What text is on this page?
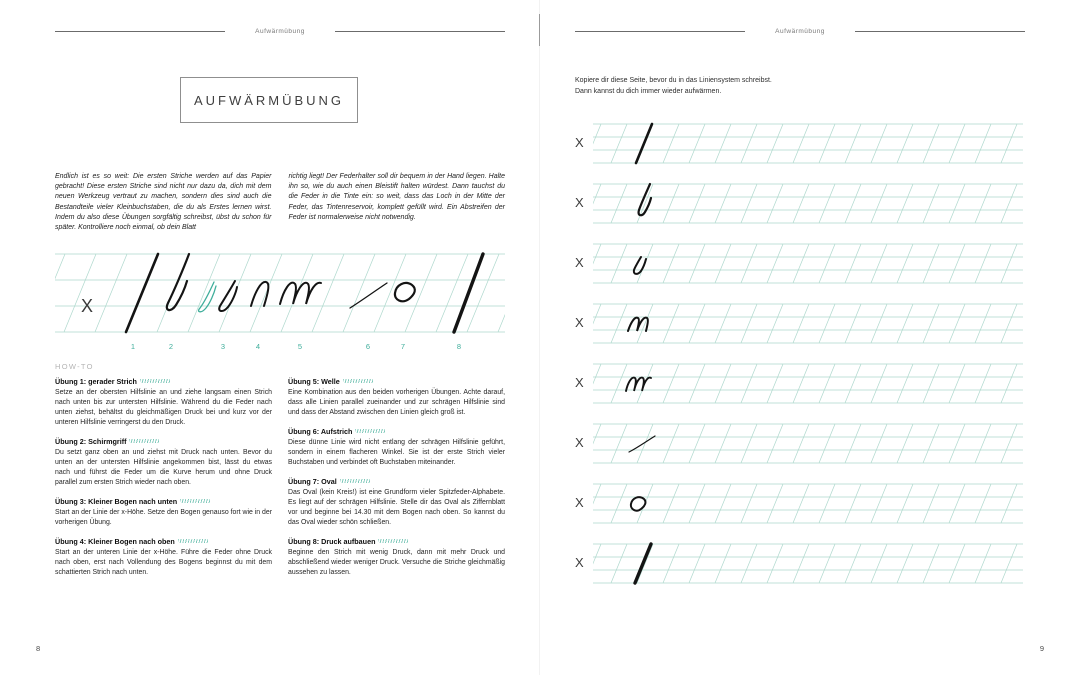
Aufwärmübung
AUFWÄRMÜBUNG

Endlich ist es so weit: Die ersten Striche werden auf das Papier gebracht! Diese ersten Striche sind nicht nur dazu da, dich mit dem neuen Werkzeug vertraut zu machen, sondern dies sind auch die Bestandteile vieler Kleinbuchstaben, die du als Erstes lernen wirst. Indem du also diese Übungen sorgfältig schreibst, übst du schon für später. Kontrolliere noch einmal, ob dein Blatt

richtig liegt! Der Federhalter soll dir bequem in der Hand liegen. Halte ihn so, wie du auch einen Bleistift halten würdest. Dann tauchst du die Feder in die Tinte ein: so weit, dass das Loch in der Mitte der Feder, das Tintenreservoir, komplett gefüllt wird. Ein Abstreifen der Feder ist normalerweise nicht notwendig.

X
1	2	3	4	5	6	7	8
HOW-TO
Übung 1: gerader Strich

Setze an der obersten Hilfslinie an und ziehe langsam einen Strich nach unten bis zur untersten Hilfslinie. Während du die Feder nach unten ziehst, behältst du gleichmäßigen Druck bei und kurz vor der unteren Hilfslinie verringerst du den Druck.

Übung 2: Schirmgriff

Du setzt ganz oben an und ziehst mit Druck nach unten. Bevor du unten an der untersten Hilfslinie angekommen bist, lässt du etwas nach und führst die Feder um die Kurve herum und ohne Druck parallel zum ersten Strich wieder nach oben.

Übung 3: Kleiner Bogen nach unten

Start an der Linie der x-Höhe. Setze den Bogen genauso fort wie in der vorherigen Übung.

Übung 4: Kleiner Bogen nach oben

Start an der unteren Linie der x-Höhe. Führe die Feder ohne Druck nach oben, erst nach Vollendung des Bogens beginnst du mit dem schattierten Strich nach unten.

Übung 5: Welle

Eine Kombination aus den beiden vorherigen Übungen. Achte darauf, dass alle Linien parallel zueinander und zur schrägen Hilfslinie sind und dass der Abstand zwischen den Linien gleich groß ist.

Übung 6: Aufstrich

Diese dünne Linie wird nicht entlang der schrägen Hilfslinie geführt, sondern in einem flacheren Winkel. Sie ist der erste Strich vieler Buchstaben und verbindet oft Buchstaben miteinander.

Übung 7: Oval

Das Oval (kein Kreis!) ist eine Grundform vieler Spitzfeder-Alphabete. Es liegt auf der schrägen Hilfslinie. Stelle dir das Oval als Ziffernblatt vor und beginne bei 14.30 mit dem Bogen nach oben. So kannst du das Oval wieder schön schließen.

Übung 8: Druck aufbauen

Beginne den Strich mit wenig Druck, dann mit mehr Druck und abschließend wieder weniger Druck. Versuche die Striche gleichmäßig aussehen zu lassen.

8
Aufwärmübung
Kopiere dir diese Seite, bevor du in das Liniensystem schreibst.
Dann kannst du dich immer wieder aufwärmen.
X
X
X
X
X
X
X
X
9
